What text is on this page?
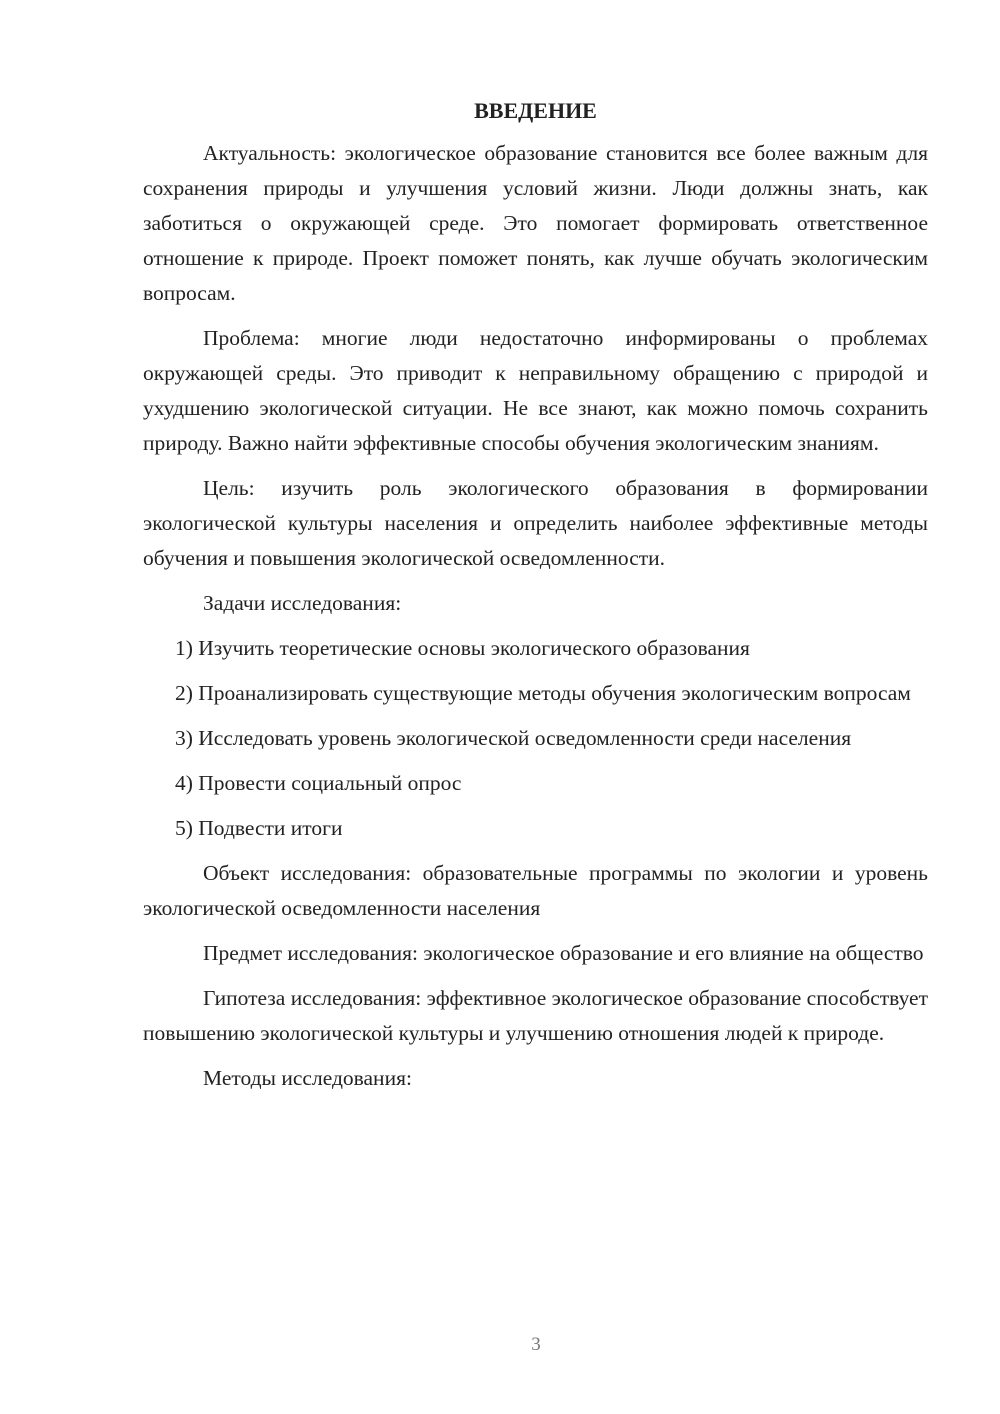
ВВЕДЕНИЕ

Актуальность: экологическое образование становится все более важным для сохранения природы и улучшения условий жизни. Люди должны знать, как заботиться о окружающей среде. Это помогает формировать ответственное отношение к природе. Проект поможет понять, как лучше обучать экологическим вопросам.

Проблема: многие люди недостаточно информированы о проблемах окружающей среды. Это приводит к неправильному обращению с природой и ухудшению экологической ситуации. Не все знают, как можно помочь сохранить природу. Важно найти эффективные способы обучения экологическим знаниям.

Цель: изучить роль экологического образования в формировании экологической культуры населения и определить наиболее эффективные методы обучения и повышения экологической осведомленности.

Задачи исследования:

1) Изучить теоретические основы экологического образования

2) Проанализировать существующие методы обучения экологическим вопросам

3) Исследовать уровень экологической осведомленности среди населения

4) Провести социальный опрос

5) Подвести итоги

Объект исследования: образовательные программы по экологии и уровень экологической осведомленности населения

Предмет исследования: экологическое образование и его влияние на общество

Гипотеза исследования: эффективное экологическое образование способствует повышению экологической культуры и улучшению отношения людей к природе.

Методы исследования:

3
